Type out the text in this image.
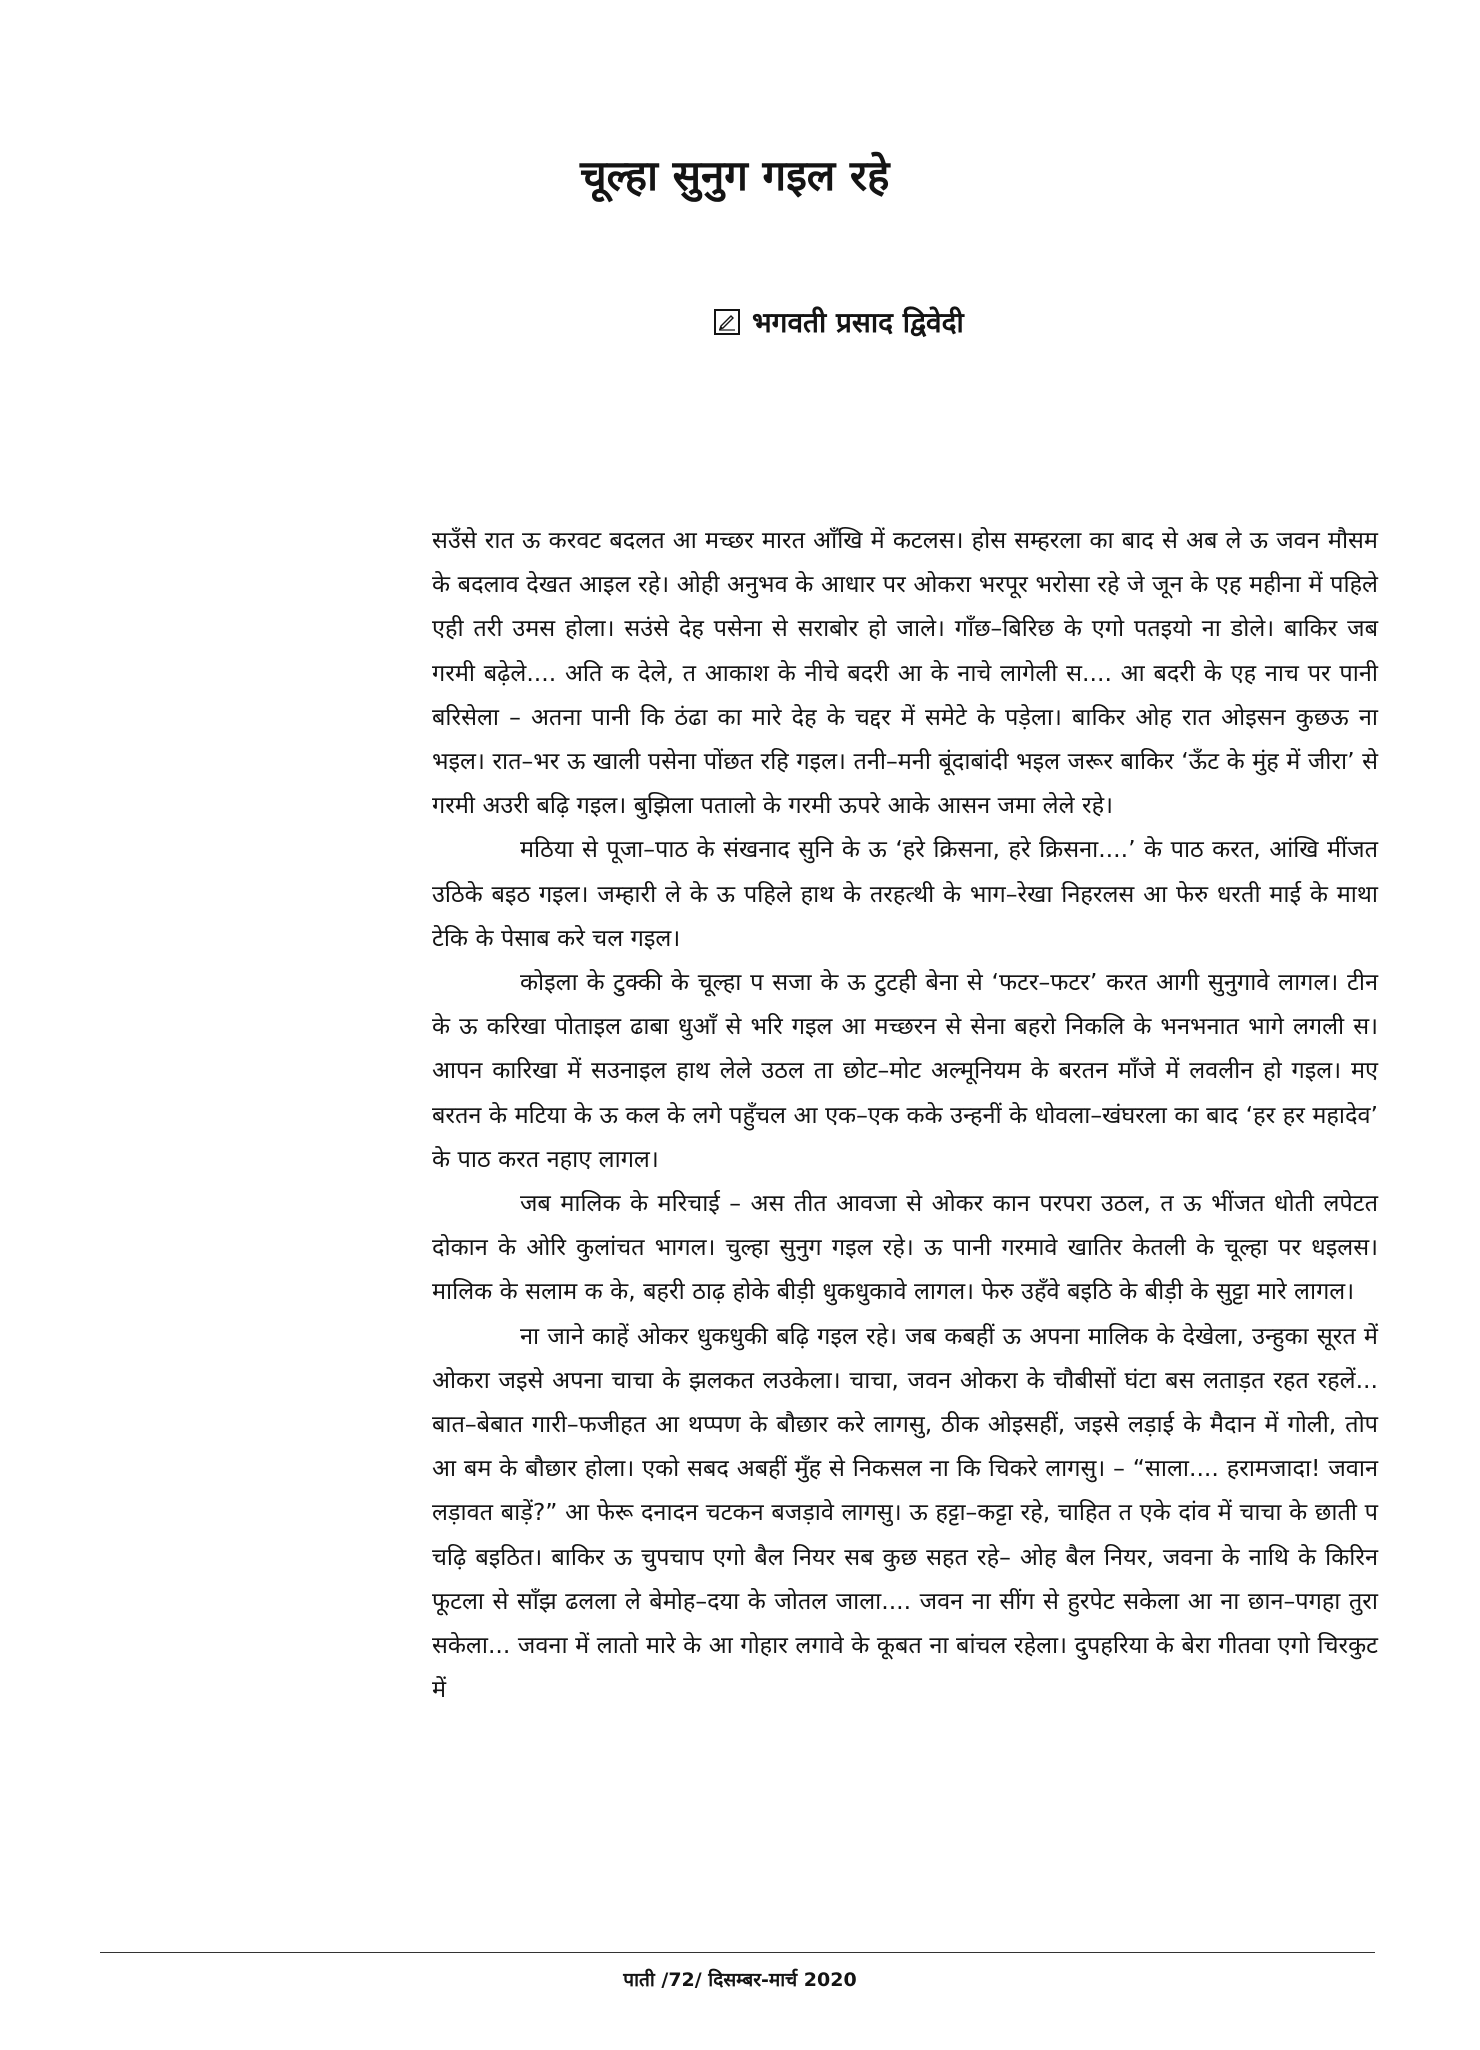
चूल्हा सुनुग गइल रहे
भगवती प्रसाद द्विवेदी

सउँसे रात ऊ करवट बदलत आ मच्छर मारत आँखि में कटलस। होस सम्हरला का बाद से अब ले ऊ जवन मौसम के बदलाव देखत आइल रहे। ओही अनुभव के आधार पर ओकरा भरपूर भरोसा रहे जे जून के एह महीना में पहिले एही तरी उमस होला। सउंसे देह पसेना से सराबोर हो जाले। गाँछ–बिरिछ के एगो पतइयो ना डोले। बाकिर जब गरमी बढ़ेले.... अति क देले, त आकाश के नीचे बदरी आ के नाचे लागेली स.... आ बदरी के एह नाच पर पानी बरिसेला – अतना पानी कि ठंढा का मारे देह के चद्दर में समेटे के पड़ेला। बाकिर ओह रात ओइसन कुछऊ ना भइल। रात–भर ऊ खाली पसेना पोंछत रहि गइल। तनी–मनी बूंदाबांदी भइल जरूर बाकिर ‘ऊँट के मुंह में जीरा’ से गरमी अउरी बढ़ि गइल। बुझिला पतालो के गरमी ऊपरे आके आसन जमा लेले रहे।

मठिया से पूजा–पाठ के संखनाद सुनि के ऊ ‘हरे क्रिसना, हरे क्रिसना....’ के पाठ करत, आंखि मींजत उठिके बइठ गइल। जम्हारी ले के ऊ पहिले हाथ के तरहत्थी के भाग–रेखा निहरलस आ फेरु धरती माई के माथा टेकि के पेसाब करे चल गइल।

कोइला के टुक्की के चूल्हा प सजा के ऊ टुटही बेना से ‘फटर–फटर’ करत आगी सुनुगावे लागल। टीन के ऊ करिखा पोताइल ढाबा धुआँ से भरि गइल आ मच्छरन से सेना बहरो निकलि के भनभनात भागे लगली स। आपन कारिखा में सउनाइल हाथ लेले उठल ता छोट–मोट अल्मूनियम के बरतन माँजे में लवलीन हो गइल। मए बरतन के मटिया के ऊ कल के लगे पहुँचल आ एक–एक कके उन्हनीं के धोवला–खंघरला का बाद ‘हर हर महादेव’ के पाठ करत नहाए लागल।

जब मालिक के मरिचाई – अस तीत आवजा से ओकर कान परपरा उठल, त ऊ भींजत धोती लपेटत दोकान के ओरि कुलांचत भागल। चुल्हा सुनुग गइल रहे। ऊ पानी गरमावे खातिर केतली के चूल्हा पर धइलस। मालिक के सलाम क के, बहरी ठाढ़ होके बीड़ी धुकधुकावे लागल। फेरु उहँवे बइठि के बीड़ी के सुट्टा मारे लागल।

ना जाने काहें ओकर धुकधुकी बढ़ि गइल रहे। जब कबहीं ऊ अपना मालिक के देखेला, उन्हुका सूरत में ओकरा जइसे अपना चाचा के झलकत लउकेला। चाचा, जवन ओकरा के चौबीसों घंटा बस लताड़त रहत रहलें... बात–बेबात गारी–फजीहत आ थप्पण के बौछार करे लागसु, ठीक ओइसहीं, जइसे लड़ाई के मैदान में गोली, तोप आ बम के बौछार होला। एको सबद अबहीं मुँह से निकसल ना कि चिकरे लागसु। – “साला.... हरामजादा! जवान लड़ावत बाड़ें?” आ फेरू दनादन चटकन बजड़ावे लागसु। ऊ हट्टा–कट्टा रहे, चाहित त एके दांव में चाचा के छाती प चढ़ि बइठित। बाकिर ऊ चुपचाप एगो बैल नियर सब कुछ सहत रहे– ओह बैल नियर, जवना के नाथि के किरिन फूटला से साँझ ढलला ले बेमोह–दया के जोतल जाला.... जवन ना सींग से हुरपेट सकेला आ ना छान–पगहा तुरा सकेला... जवना में लातो मारे के आ गोहार लगावे के कूबत ना बांचल रहेला। दुपहरिया के बेरा गीतवा एगो चिरकुट में

पाती /72/ दिसम्बर-मार्च 2020
